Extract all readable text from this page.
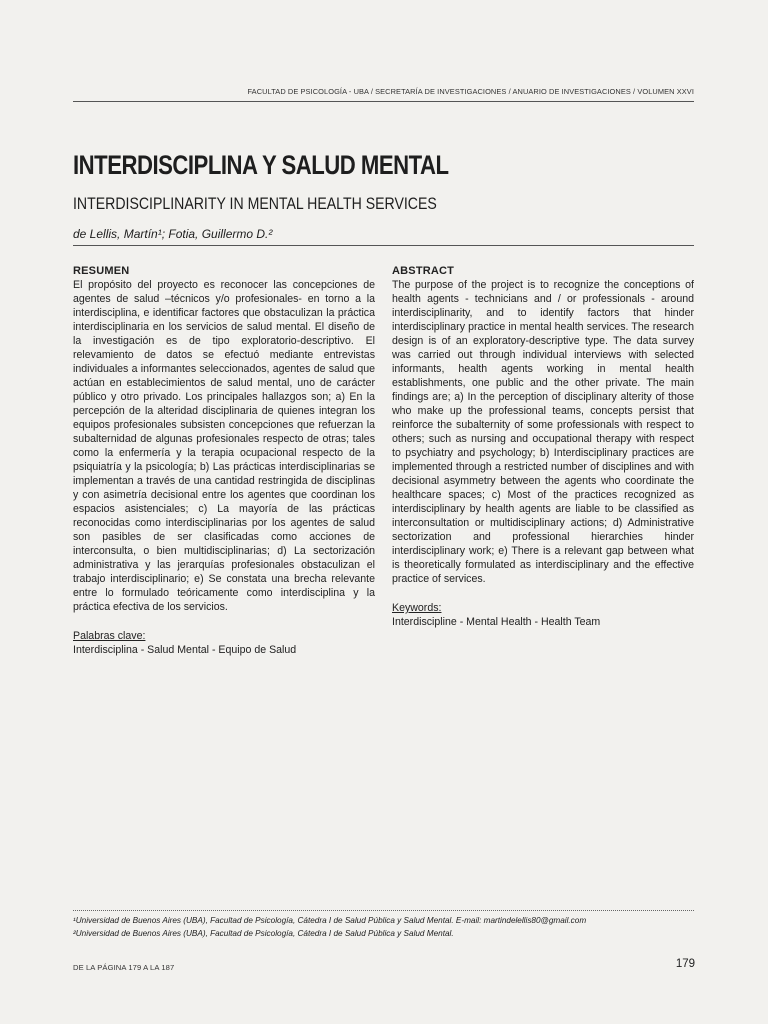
FACULTAD DE PSICOLOGÍA - UBA / SECRETARÍA DE INVESTIGACIONES / ANUARIO DE INVESTIGACIONES / VOLUMEN XXVI
INTERDISCIPLINA Y SALUD MENTAL
INTERDISCIPLINARITY IN MENTAL HEALTH SERVICES
de Lellis, Martín¹; Fotia, Guillermo D.²
RESUMEN

El propósito del proyecto es reconocer las concepciones de agentes de salud –técnicos y/o profesionales- en torno a la interdisciplina, e identificar factores que obstaculizan la práctica interdisciplinaria en los servicios de salud mental. El diseño de la investigación es de tipo exploratorio-descriptivo. El relevamiento de datos se efectuó mediante entrevistas individuales a informantes seleccionados, agentes de salud que actúan en establecimientos de salud mental, uno de carácter público y otro privado. Los principales hallazgos son; a) En la percepción de la alteridad disciplinaria de quienes integran los equipos profesionales subsisten concepciones que refuerzan la subalternidad de algunas profesionales respecto de otras; tales como la enfermería y la terapia ocupacional respecto de la psiquiatría y la psicología; b) Las prácticas interdisciplinarias se implementan a través de una cantidad restringida de disciplinas y con asimetría decisional entre los agentes que coordinan los espacios asistenciales; c) La mayoría de las prácticas reconocidas como interdisciplinarias por los agentes de salud son pasibles de ser clasificadas como acciones de interconsulta, o bien multidisciplinarias; d) La sectorización administrativa y las jerarquías profesionales obstaculizan el trabajo interdisciplinario; e) Se constata una brecha relevante entre lo formulado teóricamente como interdisciplina y la práctica efectiva de los servicios.

Palabras clave:

Interdisciplina - Salud Mental - Equipo de Salud

ABSTRACT

The purpose of the project is to recognize the conceptions of health agents - technicians and / or professionals - around interdisciplinarity, and to identify factors that hinder interdisciplinary practice in mental health services. The research design is of an exploratory-descriptive type. The data survey was carried out through individual interviews with selected informants, health agents working in mental health establishments, one public and the other private. The main findings are; a) In the perception of disciplinary alterity of those who make up the professional teams, concepts persist that reinforce the subalternity of some professionals with respect to others; such as nursing and occupational therapy with respect to psychiatry and psychology; b) Interdisciplinary practices are implemented through a restricted number of disciplines and with decisional asymmetry between the agents who coordinate the healthcare spaces; c) Most of the practices recognized as interdisciplinary by health agents are liable to be classified as interconsultation or multidisciplinary actions; d) Administrative sectorization and professional hierarchies hinder interdisciplinary work; e) There is a relevant gap between what is theoretically formulated as interdisciplinary and the effective practice of services.

Keywords:

Interdiscipline - Mental Health - Health Team

¹Universidad de Buenos Aires (UBA), Facultad de Psicología, Cátedra I de Salud Pública y Salud Mental. E-mail: martindelellis80@gmail.com
²Universidad de Buenos Aires (UBA), Facultad de Psicología, Cátedra I de Salud Pública y Salud Mental.
DE LA PÁGINA 179 A LA 187	179
